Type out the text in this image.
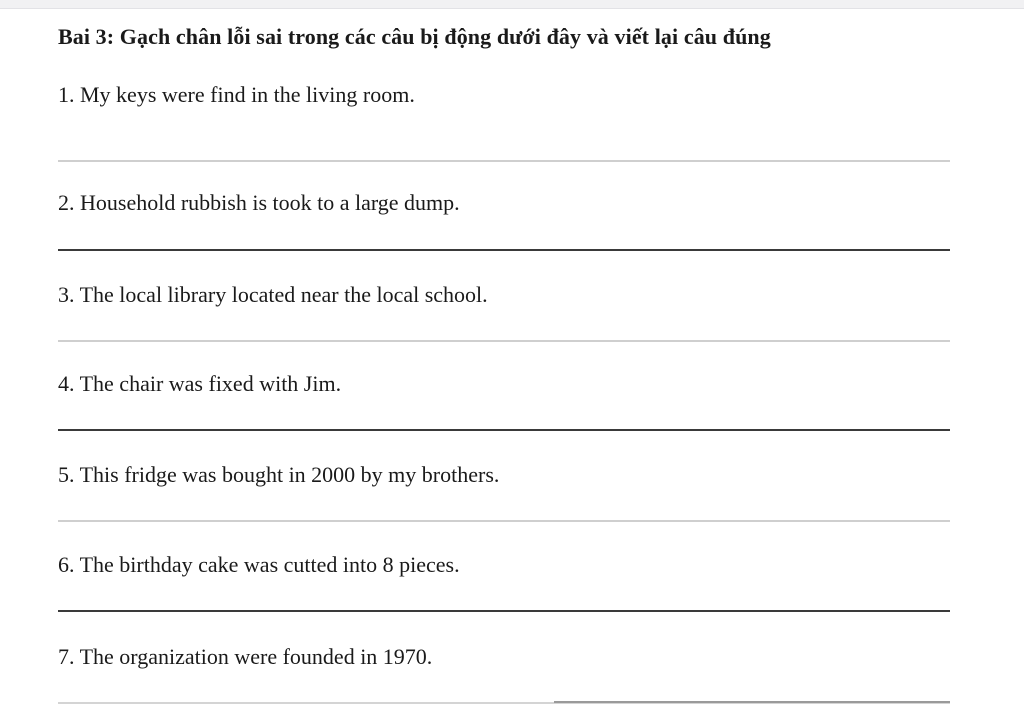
Bai 3: Gạch chân lỗi sai trong các câu bị động dưới đây và viết lại câu đúng
1. My keys were find in the living room.
2. Household rubbish is took to a large dump.
3. The local library located near the local school.
4. The chair was fixed with Jim.
5. This fridge was bought in 2000 by my brothers.
6. The birthday cake was cutted into 8 pieces.
7. The organization were founded in 1970.
